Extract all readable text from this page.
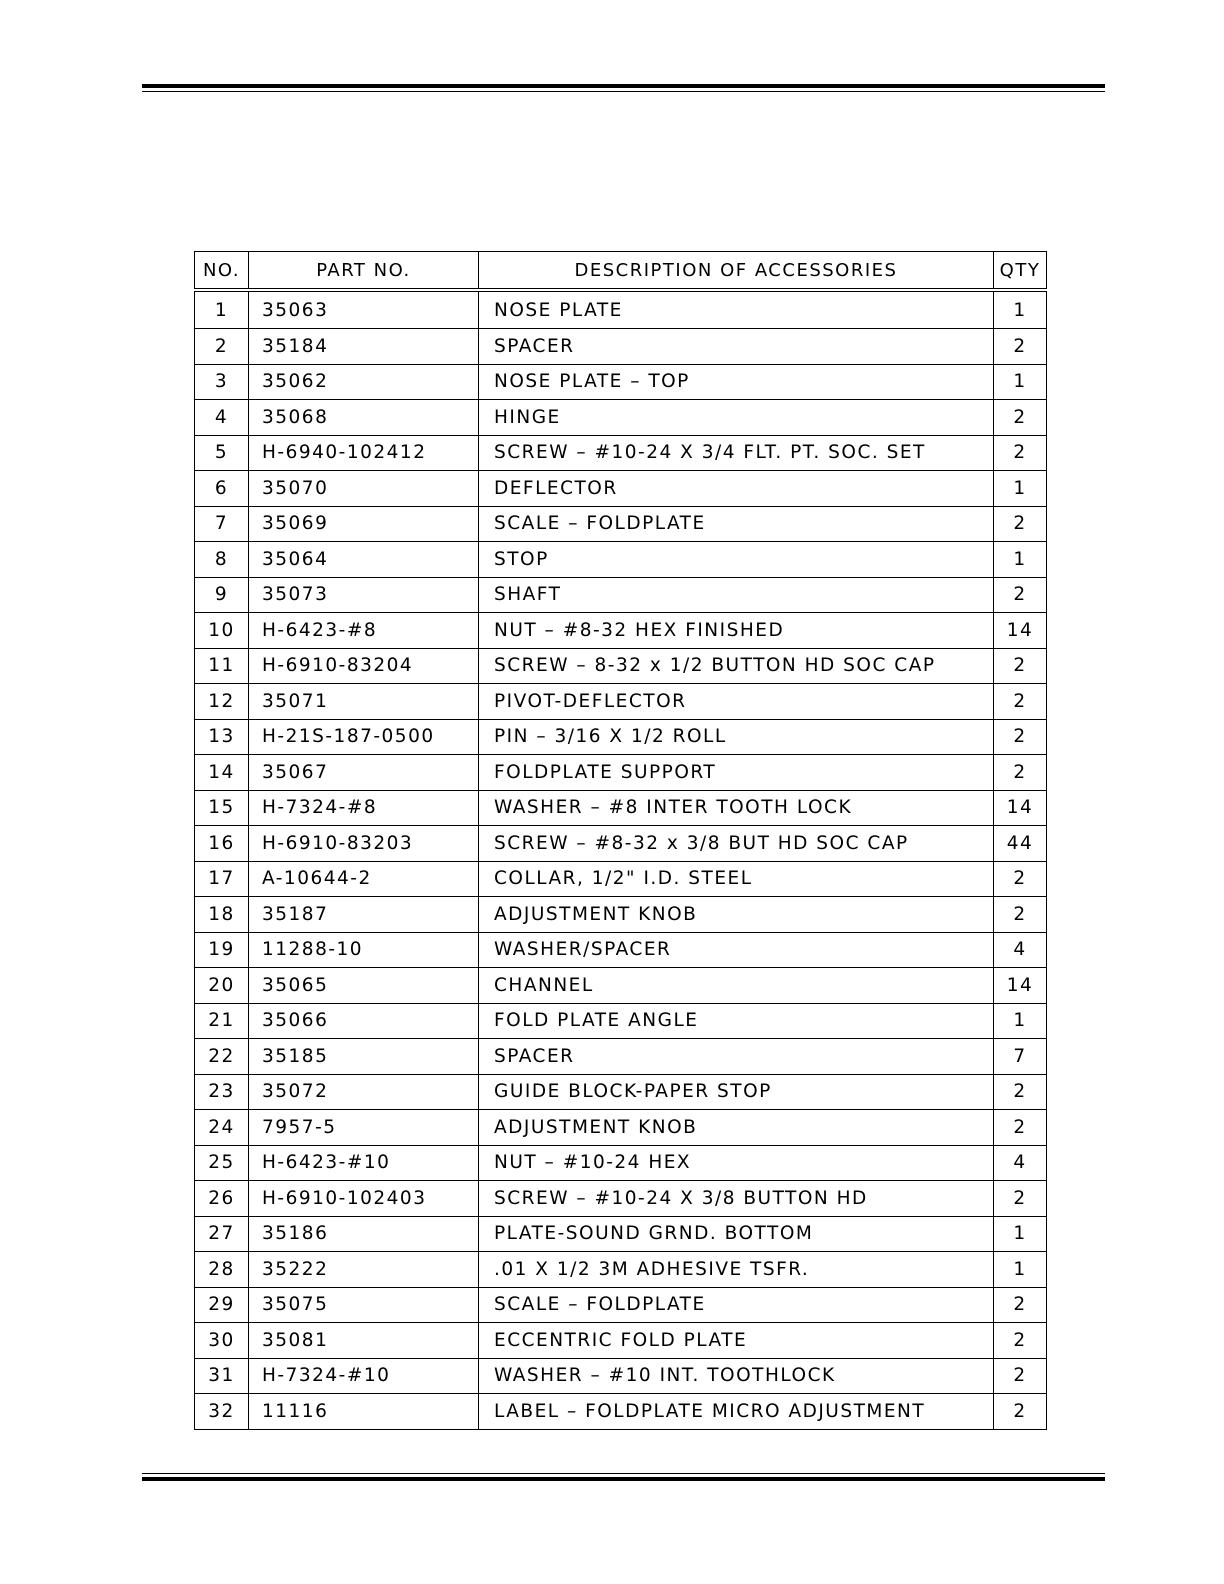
NO.	PART NO.	DESCRIPTION OF ACCESSORIES	QTY
1	35063	NOSE PLATE	1
2	35184	SPACER	2
3	35062	NOSE PLATE – TOP	1
4	35068	HINGE	2
5	H-6940-102412	SCREW – #10-24 X 3/4 FLT. PT. SOC. SET	2
6	35070	DEFLECTOR	1
7	35069	SCALE – FOLDPLATE	2
8	35064	STOP	1
9	35073	SHAFT	2
10	H-6423-#8	NUT – #8-32 HEX FINISHED	14
11	H-6910-83204	SCREW – 8-32 x 1/2 BUTTON HD SOC CAP	2
12	35071	PIVOT-DEFLECTOR	2
13	H-21S-187-0500	PIN – 3/16 X 1/2 ROLL	2
14	35067	FOLDPLATE SUPPORT	2
15	H-7324-#8	WASHER – #8 INTER TOOTH LOCK	14
16	H-6910-83203	SCREW – #8-32 x 3/8 BUT HD SOC CAP	44
17	A-10644-2	COLLAR, 1/2" I.D. STEEL	2
18	35187	ADJUSTMENT KNOB	2
19	11288-10	WASHER/SPACER	4
20	35065	CHANNEL	14
21	35066	FOLD PLATE ANGLE	1
22	35185	SPACER	7
23	35072	GUIDE BLOCK-PAPER STOP	2
24	7957-5	ADJUSTMENT KNOB	2
25	H-6423-#10	NUT – #10-24 HEX	4
26	H-6910-102403	SCREW – #10-24 X 3/8 BUTTON HD	2
27	35186	PLATE-SOUND GRND. BOTTOM	1
28	35222	.01 X 1/2 3M ADHESIVE TSFR.	1
29	35075	SCALE – FOLDPLATE	2
30	35081	ECCENTRIC FOLD PLATE	2
31	H-7324-#10	WASHER – #10 INT. TOOTHLOCK	2
32	11116	LABEL – FOLDPLATE MICRO ADJUSTMENT	2
